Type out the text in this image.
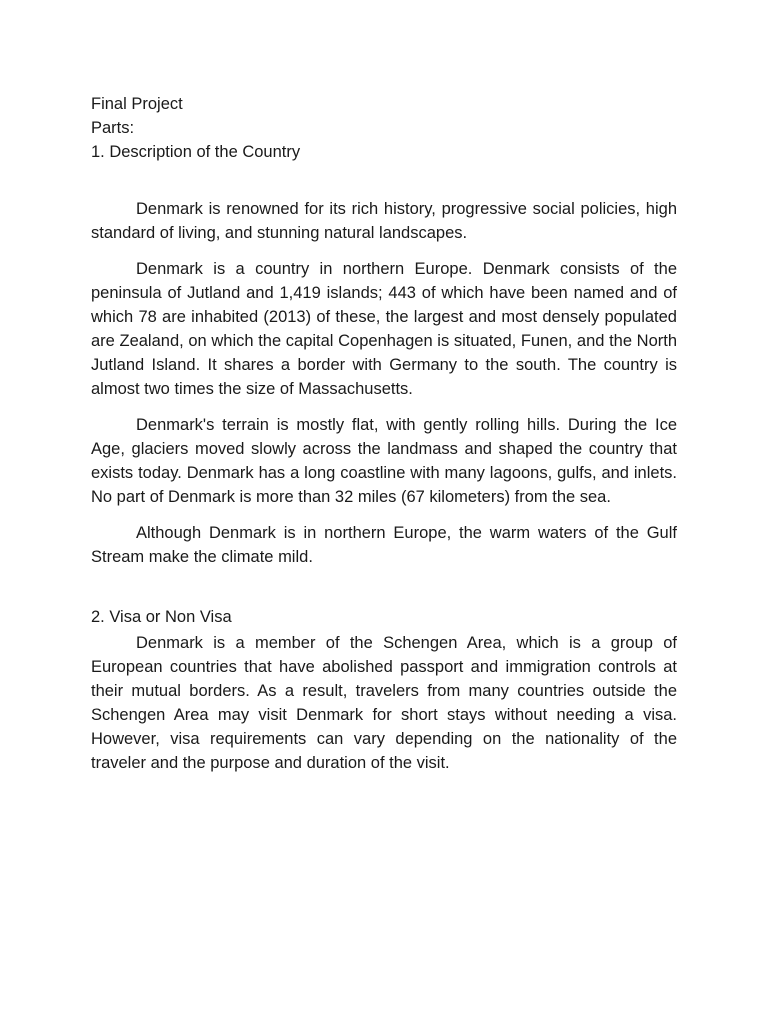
Final Project

Parts:

1. Description of the Country

Denmark is renowned for its rich history, progressive social policies, high standard of living, and stunning natural landscapes.

Denmark is a country in northern Europe. Denmark consists of the peninsula of Jutland and 1,419 islands; 443 of which have been named and of which 78 are inhabited (2013) of these, the largest and most densely populated are Zealand, on which the capital Copenhagen is situated, Funen, and the North Jutland Island. It shares a border with Germany to the south. The country is almost two times the size of Massachusetts.

Denmark's terrain is mostly flat, with gently rolling hills. During the Ice Age, glaciers moved slowly across the landmass and shaped the country that exists today. Denmark has a long coastline with many lagoons, gulfs, and inlets. No part of Denmark is more than 32 miles (67 kilometers) from the sea.

Although Denmark is in northern Europe, the warm waters of the Gulf Stream make the climate mild.

2. Visa or Non Visa

Denmark is a member of the Schengen Area, which is a group of European countries that have abolished passport and immigration controls at their mutual borders. As a result, travelers from many countries outside the Schengen Area may visit Denmark for short stays without needing a visa. However, visa requirements can vary depending on the nationality of the traveler and the purpose and duration of the visit.
